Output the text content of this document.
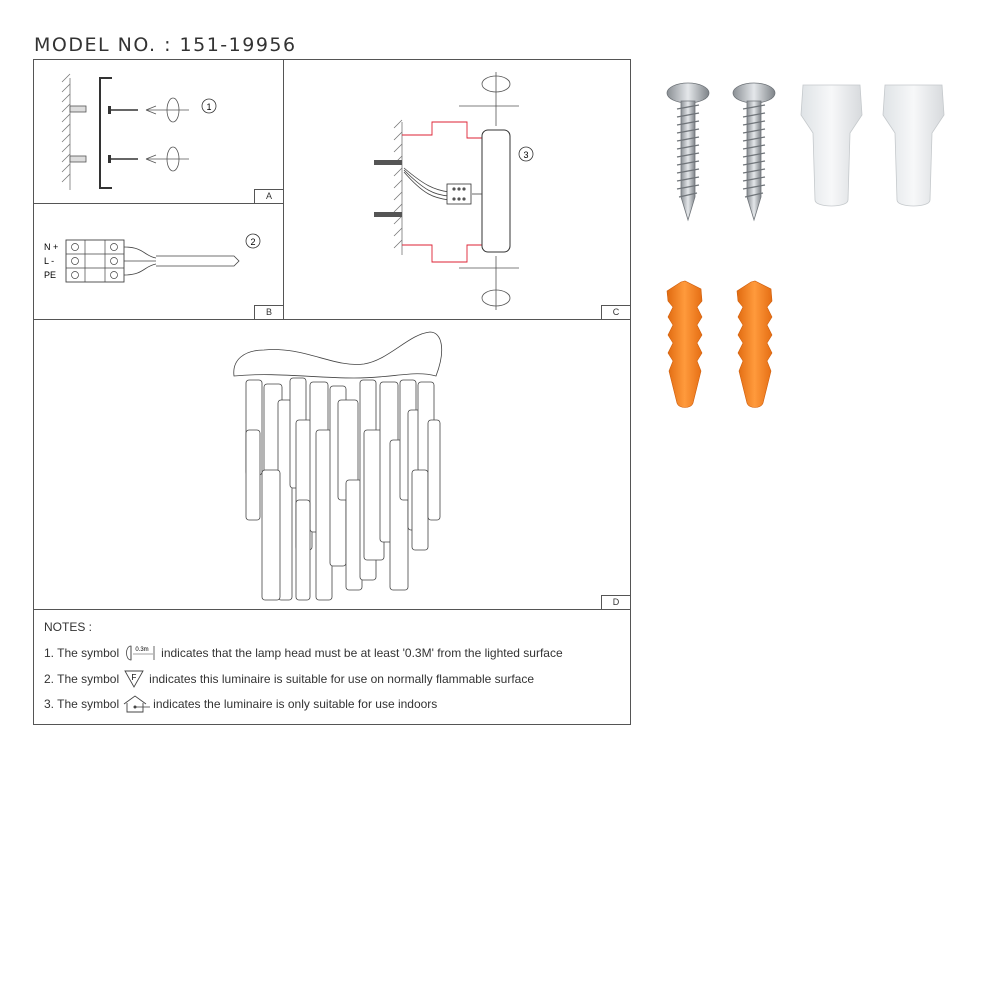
MODEL NO. : 151-19956
1
A
N +
L -
PE
2
B
3
C
D
NOTES :
1. The symbol	0.3m indicates that the lamp head must be at least '0.3M' from the lighted surface
2. The symbol F indicates this luminaire is suitable for use on normally flammable surface
3. The symbol	indicates the luminaire is only suitable for use indoors
